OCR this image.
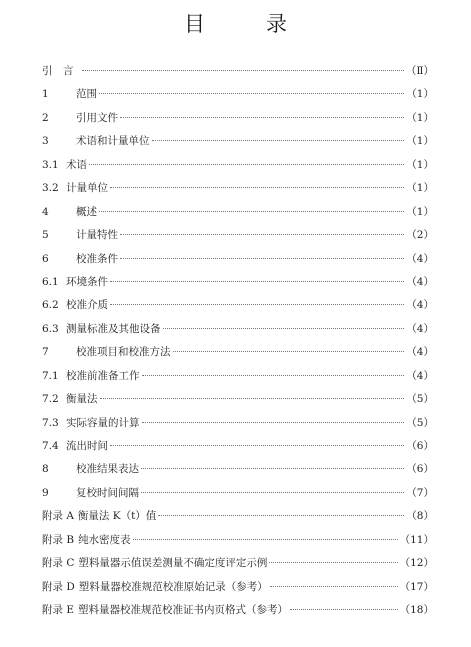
目　录
引　言	（Ⅱ）
1	范围	（1）
2	引用文件	（1）
3	术语和计量单位	（1）
3.1 术语	（1）
3.2 计量单位	（1）
4	概述	（1）
5	计量特性	（2）
6	校准条件	（4）
6.1 环境条件	（4）
6.2 校准介质	（4）
6.3 测量标准及其他设备	（4）
7	校准项目和校准方法	（4）
7.1 校准前准备工作	（4）
7.2 衡量法	（5）
7.3 实际容量的计算	（5）
7.4 流出时间	（6）
8	校准结果表达	（6）
9	复校时间间隔	（7）
附录 A 衡量法 K（t）值	（8）
附录 B 纯水密度表	（11）
附录 C 塑料量器示值误差测量不确定度评定示例	（12）
附录 D 塑料量器校准规范校准原始记录（参考）	（17）
附录 E 塑料量器校准规范校准证书内页格式（参考）	（18）
